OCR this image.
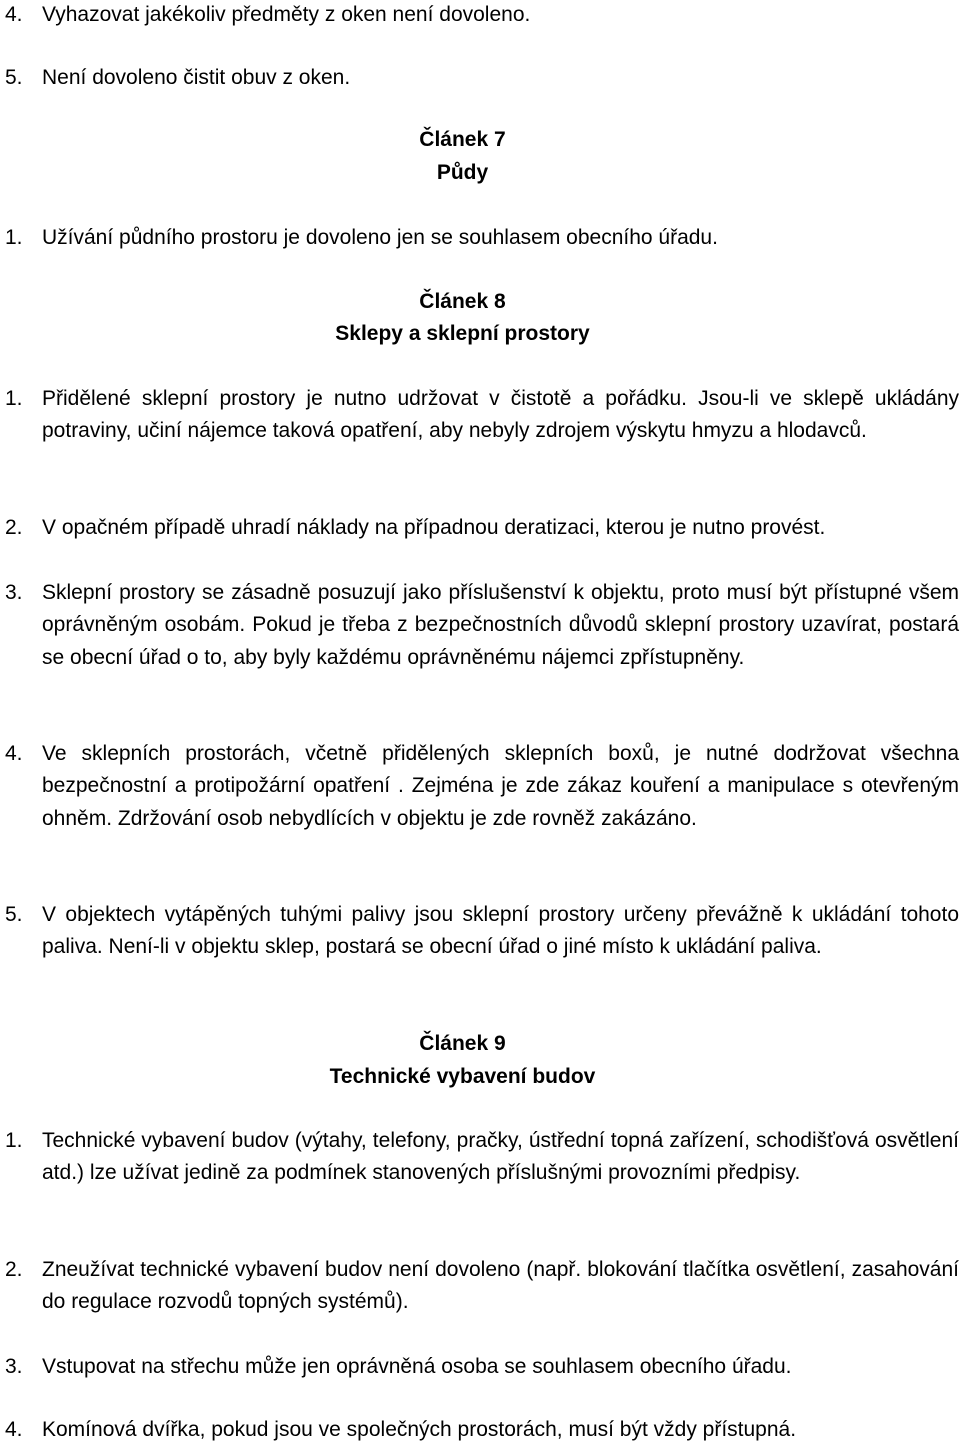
4. Vyhazovat jakékoliv předměty z oken není dovoleno.
5. Není dovoleno čistit obuv z oken.
Článek 7
Půdy
1. Užívání půdního prostoru je dovoleno jen se souhlasem obecního úřadu.
Článek 8
Sklepy a sklepní prostory
1. Přidělené sklepní prostory je nutno udržovat v čistotě a pořádku. Jsou-li ve sklepě ukládány potraviny, učiní nájemce taková opatření, aby nebyly zdrojem výskytu hmyzu a hlodavců.
2. V opačném případě uhradí náklady na případnou deratizaci, kterou je nutno provést.
3. Sklepní prostory se zásadně posuzují jako příslušenství k objektu, proto musí být přístupné všem oprávněným osobám. Pokud je třeba z bezpečnostních důvodů sklepní prostory uzavírat, postará se obecní úřad o to, aby byly každému oprávněnému nájemci zpřístupněny.
4. Ve sklepních prostorách, včetně přidělených sklepních boxů, je nutné dodržovat všechna bezpečnostní a protipožární opatření . Zejména je zde zákaz kouření a manipulace s otevřeným ohněm. Zdržování osob nebydlících v objektu je zde rovněž zakázáno.
5. V objektech vytápěných tuhými palivy jsou sklepní prostory určeny převážně k ukládání tohoto paliva. Není-li v objektu sklep, postará se obecní úřad o jiné místo k ukládání paliva.
Článek 9
Technické vybavení budov
1. Technické vybavení budov (výtahy, telefony, pračky, ústřední topná zařízení, schodišťová osvětlení atd.) lze užívat jedině za podmínek stanovených příslušnými provozními předpisy.
2. Zneužívat technické vybavení budov není dovoleno (např. blokování tlačítka osvětlení, zasahování do regulace rozvodů topných systémů).
3. Vstupovat na střechu může jen oprávněná osoba se souhlasem obecního úřadu.
4. Komínová dvířka, pokud jsou ve společných prostorách, musí být vždy přístupná.
